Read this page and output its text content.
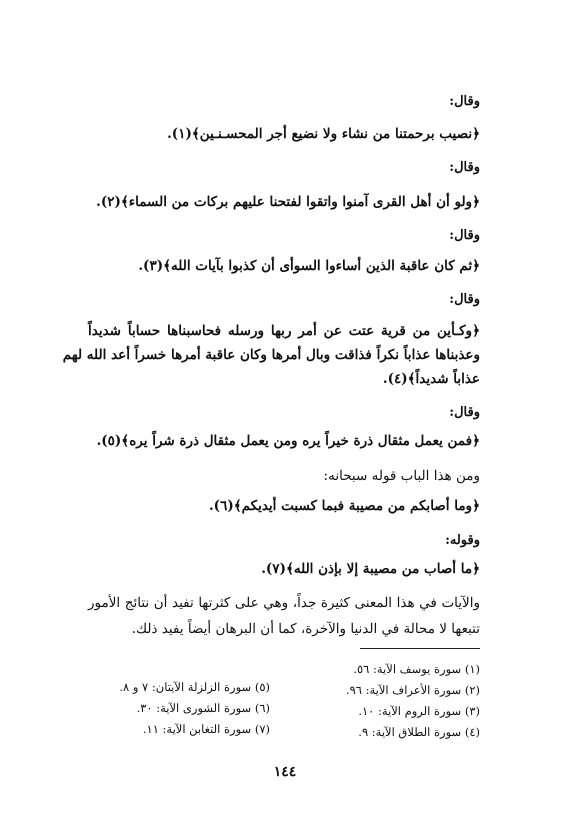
وقال:
﴿نصيب برحمتنا من نشاء ولا نضيع أجر المحسـنـين﴾(١).
وقال:
﴿ولو أن أهل القرى آمنوا واتقوا لفتحنا عليهم بركات من السماء﴾(٢).
وقال:
﴿ثم كان عاقبة الذين أساءوا السوأى أن كذبوا بآيات الله﴾(٣).
وقال:
﴿وكـأين من قرية عتت عن أمر ربها ورسله فحاسبناها حساباً شديداً
وعذبناها عذاباً نكراً فذاقت وبال أمرها وكان عاقبة أمرها خسراً أعد الله لهم
عذاباً شديداً﴾(٤).
وقال:
﴿فمن يعمل مثقال ذرة خيراً يره ومن يعمل مثقال ذرة شراً يره﴾(٥).
ومن هذا الباب قوله سبحانه:
﴿وما أصابكم من مصيبة فبما كسبت أيديكم﴾(٦).
وقوله:
﴿ما أصاب من مصيبة إلا بإذن الله﴾(٧).
والآيات في هذا المعنى كثيرة جداً، وهي على كثرتها تفيد أن نتائج الأمور
تتبعها لا محالة في الدنيا والآخرة، كما أن البرهان أيضاً يفيد ذلك.
(١) سورة يوسف الآية: ٥٦.
(٢) سورة الأعراف الآية: ٩٦.
(٣) سورة الروم الآية: ١٠.
(٤) سورة الطلاق الآية: ٩.
(٥) سورة الزلزلة الآيتان: ٧ و ٨.
(٦) سورة الشورى الآية: ٣٠.
(٧) سورة التغابن الآية: ١١.
١٤٤
